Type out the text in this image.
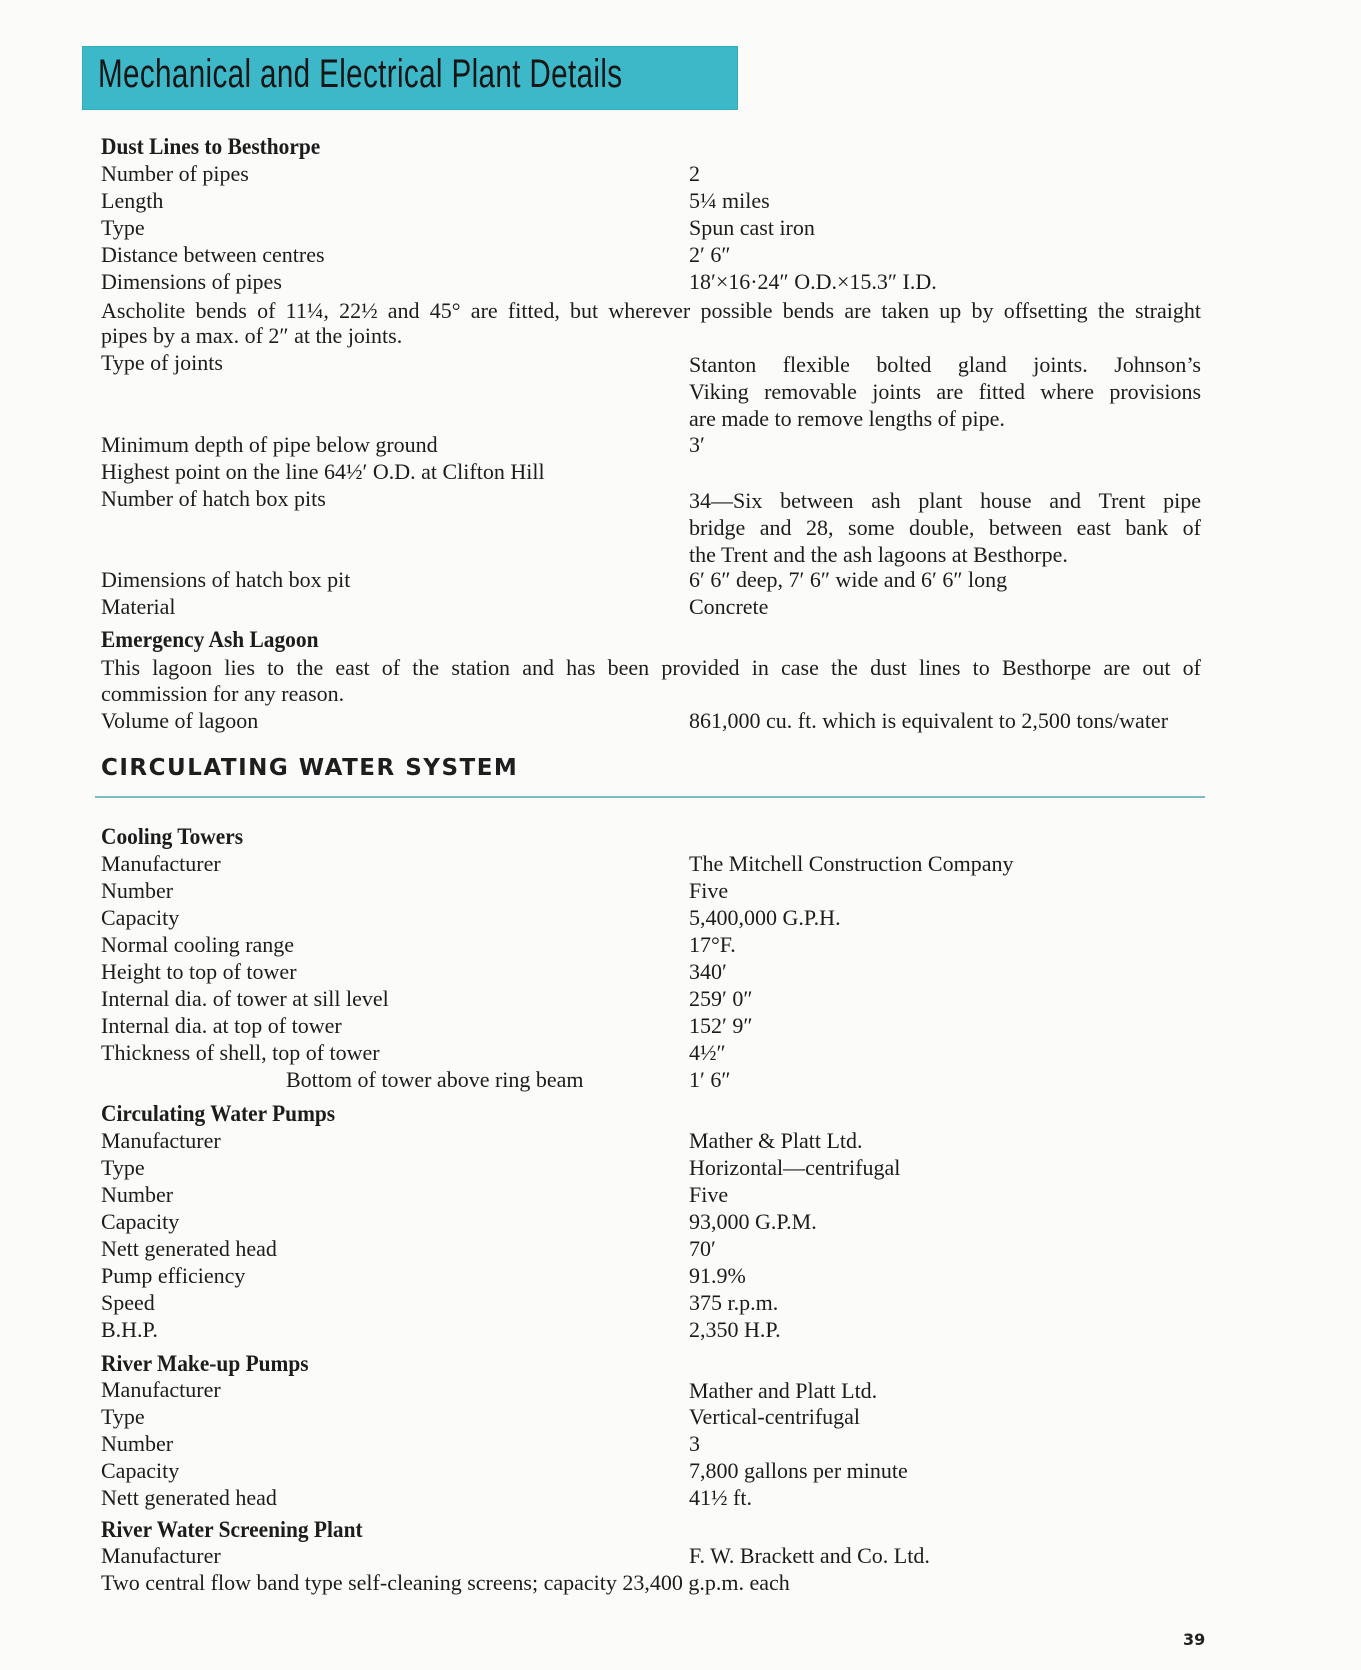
Mechanical and Electrical Plant Details
Dust Lines to Besthorpe
Number of pipes	2
Length	5¼ miles
Type	Spun cast iron
Distance between centres	2′ 6″
Dimensions of pipes	18′×16·24″ O.D.×15.3″ I.D.
Ascholite bends of 11¼, 22½ and 45° are fitted, but wherever possible bends are taken up by offsetting the straight
pipes by a max. of 2″ at the joints.
Type of joints	Stanton flexible bolted gland joints. Johnson’s
Viking removable joints are fitted where provisions
are made to remove lengths of pipe.
Minimum depth of pipe below ground	3′
Highest point on the line 64½′ O.D. at Clifton Hill
Number of hatch box pits	34—Six between ash plant house and Trent pipe
bridge and 28, some double, between east bank of
the Trent and the ash lagoons at Besthorpe.
Dimensions of hatch box pit	6′ 6″ deep, 7′ 6″ wide and 6′ 6″ long
Material	Concrete
Emergency Ash Lagoon
This lagoon lies to the east of the station and has been provided in case the dust lines to Besthorpe are out of
commission for any reason.
Volume of lagoon	861,000 cu. ft. which is equivalent to 2,500 tons/water
CIRCULATING WATER SYSTEM
Cooling Towers
Manufacturer	The Mitchell Construction Company
Number	Five
Capacity	5,400,000 G.P.H.
Normal cooling range	17°F.
Height to top of tower	340′
Internal dia. of tower at sill level	259′ 0″
Internal dia. at top of tower	152′ 9″
Thickness of shell, top of tower	4½″
Bottom of tower above ring beam	1′ 6″
Circulating Water Pumps
Manufacturer	Mather & Platt Ltd.
Type	Horizontal—centrifugal
Number	Five
Capacity	93,000 G.P.M.
Nett generated head	70′
Pump efficiency	91.9%
Speed	375 r.p.m.
B.H.P.	2,350 H.P.
River Make-up Pumps
Manufacturer	Mather and Platt Ltd.
Type	Vertical-centrifugal
Number	3
Capacity	7,800 gallons per minute
Nett generated head	41½ ft.
River Water Screening Plant
Manufacturer	F. W. Brackett and Co. Ltd.
Two central flow band type self-cleaning screens; capacity 23,400 g.p.m. each
39
